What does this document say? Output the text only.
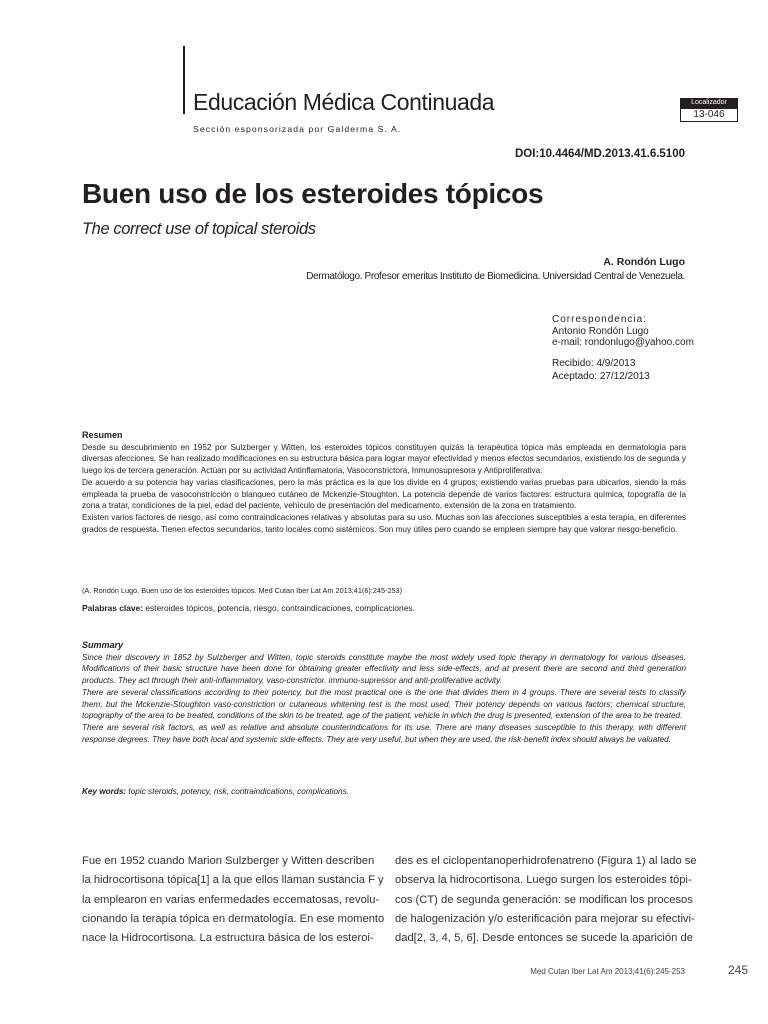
Educación Médica Continuada
Sección esponsorizada por Galderma S. A.
Localizador
13-046
DOI:10.4464/MD.2013.41.6.5100
Buen uso de los esteroides tópicos
The correct use of topical steroids
A. Rondón Lugo
Dermatólogo. Profesor emeritus Instituto de Biomedicina. Universidad Central de Venezuela.
Correspondencia:
Antonio Rondón Lugo
e-mail: rondonlugo@yahoo.com
Recibido: 4/9/2013
Aceptado: 27/12/2013
Resumen

Desde su descubrimiento en 1952 por Sulzberger y Witten, los esteroides tópicos constituyen quizás la terapéutica tópica más empleada en dermatología para diversas afecciones. Se han realizado modificaciones en su estructura básica para lograr mayor efectividad y menos efectos secundarios, existiendo los de segunda y luego los de tercera generación. Actúan por su actividad Antinflamatoria, Vasoconstrictora, Inmunosupresora y Antiproliferativa.

De acuerdo a su potencia hay varias clasificaciones, pero la más práctica es la que los divide en 4 grupos; existiendo varias pruebas para ubicarlos, siendo la más empleada la prueba de vasoconstricción o blanqueo cutáneo de Mckenzie-Stoughton. La potencia depende de varios factores: estructura química, topografía de la zona a tratar, condiciones de la piel, edad del paciente, vehículo de presentación del medicamento, extensión de la zona en tratamiento.

Existen varios factores de riesgo, así como contraindicaciones relativas y absolutas para su uso. Muchas son las afecciones susceptibles a esta terapia, en diferentes grados de respuesta. Tienen efectos secundarios, tanto locales como sistémicos. Son muy útiles pero cuando se empleen siempre hay que valorar riesgo-beneficio.

(A. Rondón Lugo. Buen uso de los esteroides tópicos. Med Cutan Iber Lat Am 2013;41(6):245-253)
Palabras clave: esteroides tópicos, potencia, riesgo, contraindicaciones, complicaciones.
Summary

Since their discovery in 1852 by Sulzberger and Witten, topic steroids constitute maybe the most widely used topic therapy in dermatology for various diseases. Modifications of their basic structure have been done for obtaining greater effectivity and less side-effects, and at present there are second and third generation products. They act through their anti-inflammatory, vaso-constrictor. immuno-supressor and anti-proliferative activity.

There are several classifications according to their potency, but the most practical one is the one that divides them in 4 groups. There are several tests to classify them, but the Mckenzie-Stoughton vaso-constriction or cutaneous whitening test is the most used, Their potency depends on various factors; chemical structure, topography of the area to be treated, conditions of the skin to be treated, age of the patient, vehicle in which the drug is presented, extension of the area to be treated.

There are several risk factors, as well as relative and absolute counterindications for its use. There are many diseases susceptible to this therapy, with different response degrees. They have both local and systemic side-effects. They are very useful, but when they are used, the risk-benefit index should always be valuated.

Key words: topic steroids, potency, risk, contraindications, complications.
Fue en 1952 cuando Marion Sulzberger y Witten describen
la hidrocortisona tópica[1] a la que ellos llaman sustancia F y
la emplearon en varias enfermedades eccematosas, revolu-
cionando la terapia tópica en dermatología. En ese momento
nace la Hidrocortisona. La estructura básica de los esteroi-
des es el ciclopentanoperhidrofenatreno (Figura 1) al lado se
observa la hidrocortisona. Luego surgen los esteroides tópi-
cos (CT) de segunda generación: se modifican los procesos
de halogenización y/o esterificación para mejorar su efectivi-
dad[2, 3, 4, 5, 6]. Desde entonces se sucede la aparición de
Med Cutan Iber Lat Am 2013;41(6):245-253	245
